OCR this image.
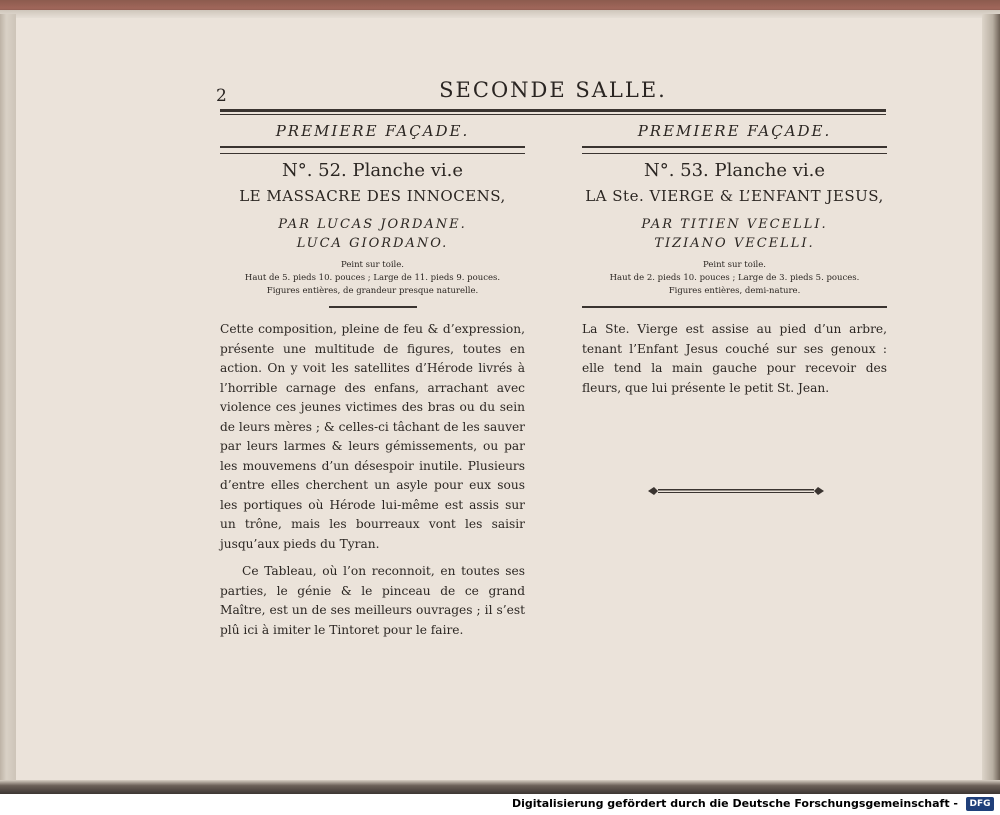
2	SECONDE SALLE.
PREMIERE FAÇADE.
N°. 52. Planche vi.e
LE MASSACRE DES INNOCENS,
PAR LUCAS JORDANE.
LUCA GIORDANO.
Peint sur toile.
Haut de 5. pieds 10. pouces ; Large de 11. pieds 9. pouces.
Figures entières, de grandeur presque naturelle.

Cette composition, pleine de feu & d’expression, présente une multitude de figures, toutes en action. On y voit les satellites d’Hérode livrés à l’horrible carnage des enfans, arrachant avec violence ces jeunes victimes des bras ou du sein de leurs mères ; & celles-ci tâchant de les sauver par leurs larmes & leurs gémissements, ou par les mouvemens d’un désespoir inutile. Plusieurs d’entre elles cherchent un asyle pour eux sous les portiques où Hérode lui-même est assis sur un trône, mais les bourreaux vont les saisir jusqu’aux pieds du Tyran.

Ce Tableau, où l’on reconnoit, en toutes ses parties, le génie & le pinceau de ce grand Maître, est un de ses meilleurs ouvrages ; il s’est plû ici à imiter le Tintoret pour le faire.

PREMIERE FAÇADE.
N°. 53. Planche vi.e
LA Ste. VIERGE & L’ENFANT JESUS,
PAR TITIEN VECELLI.
TIZIANO VECELLI.
Peint sur toile.
Haut de 2. pieds 10. pouces ; Large de 3. pieds 5. pouces.
Figures entières, demi-nature.

La Ste. Vierge est assise au pied d’un arbre, tenant l’Enfant Jesus couché sur ses genoux : elle tend la main gauche pour recevoir des fleurs, que lui présente le petit St. Jean.

Digitalisierung gefördert durch die Deutsche Forschungsgemeinschaft -	DFG
